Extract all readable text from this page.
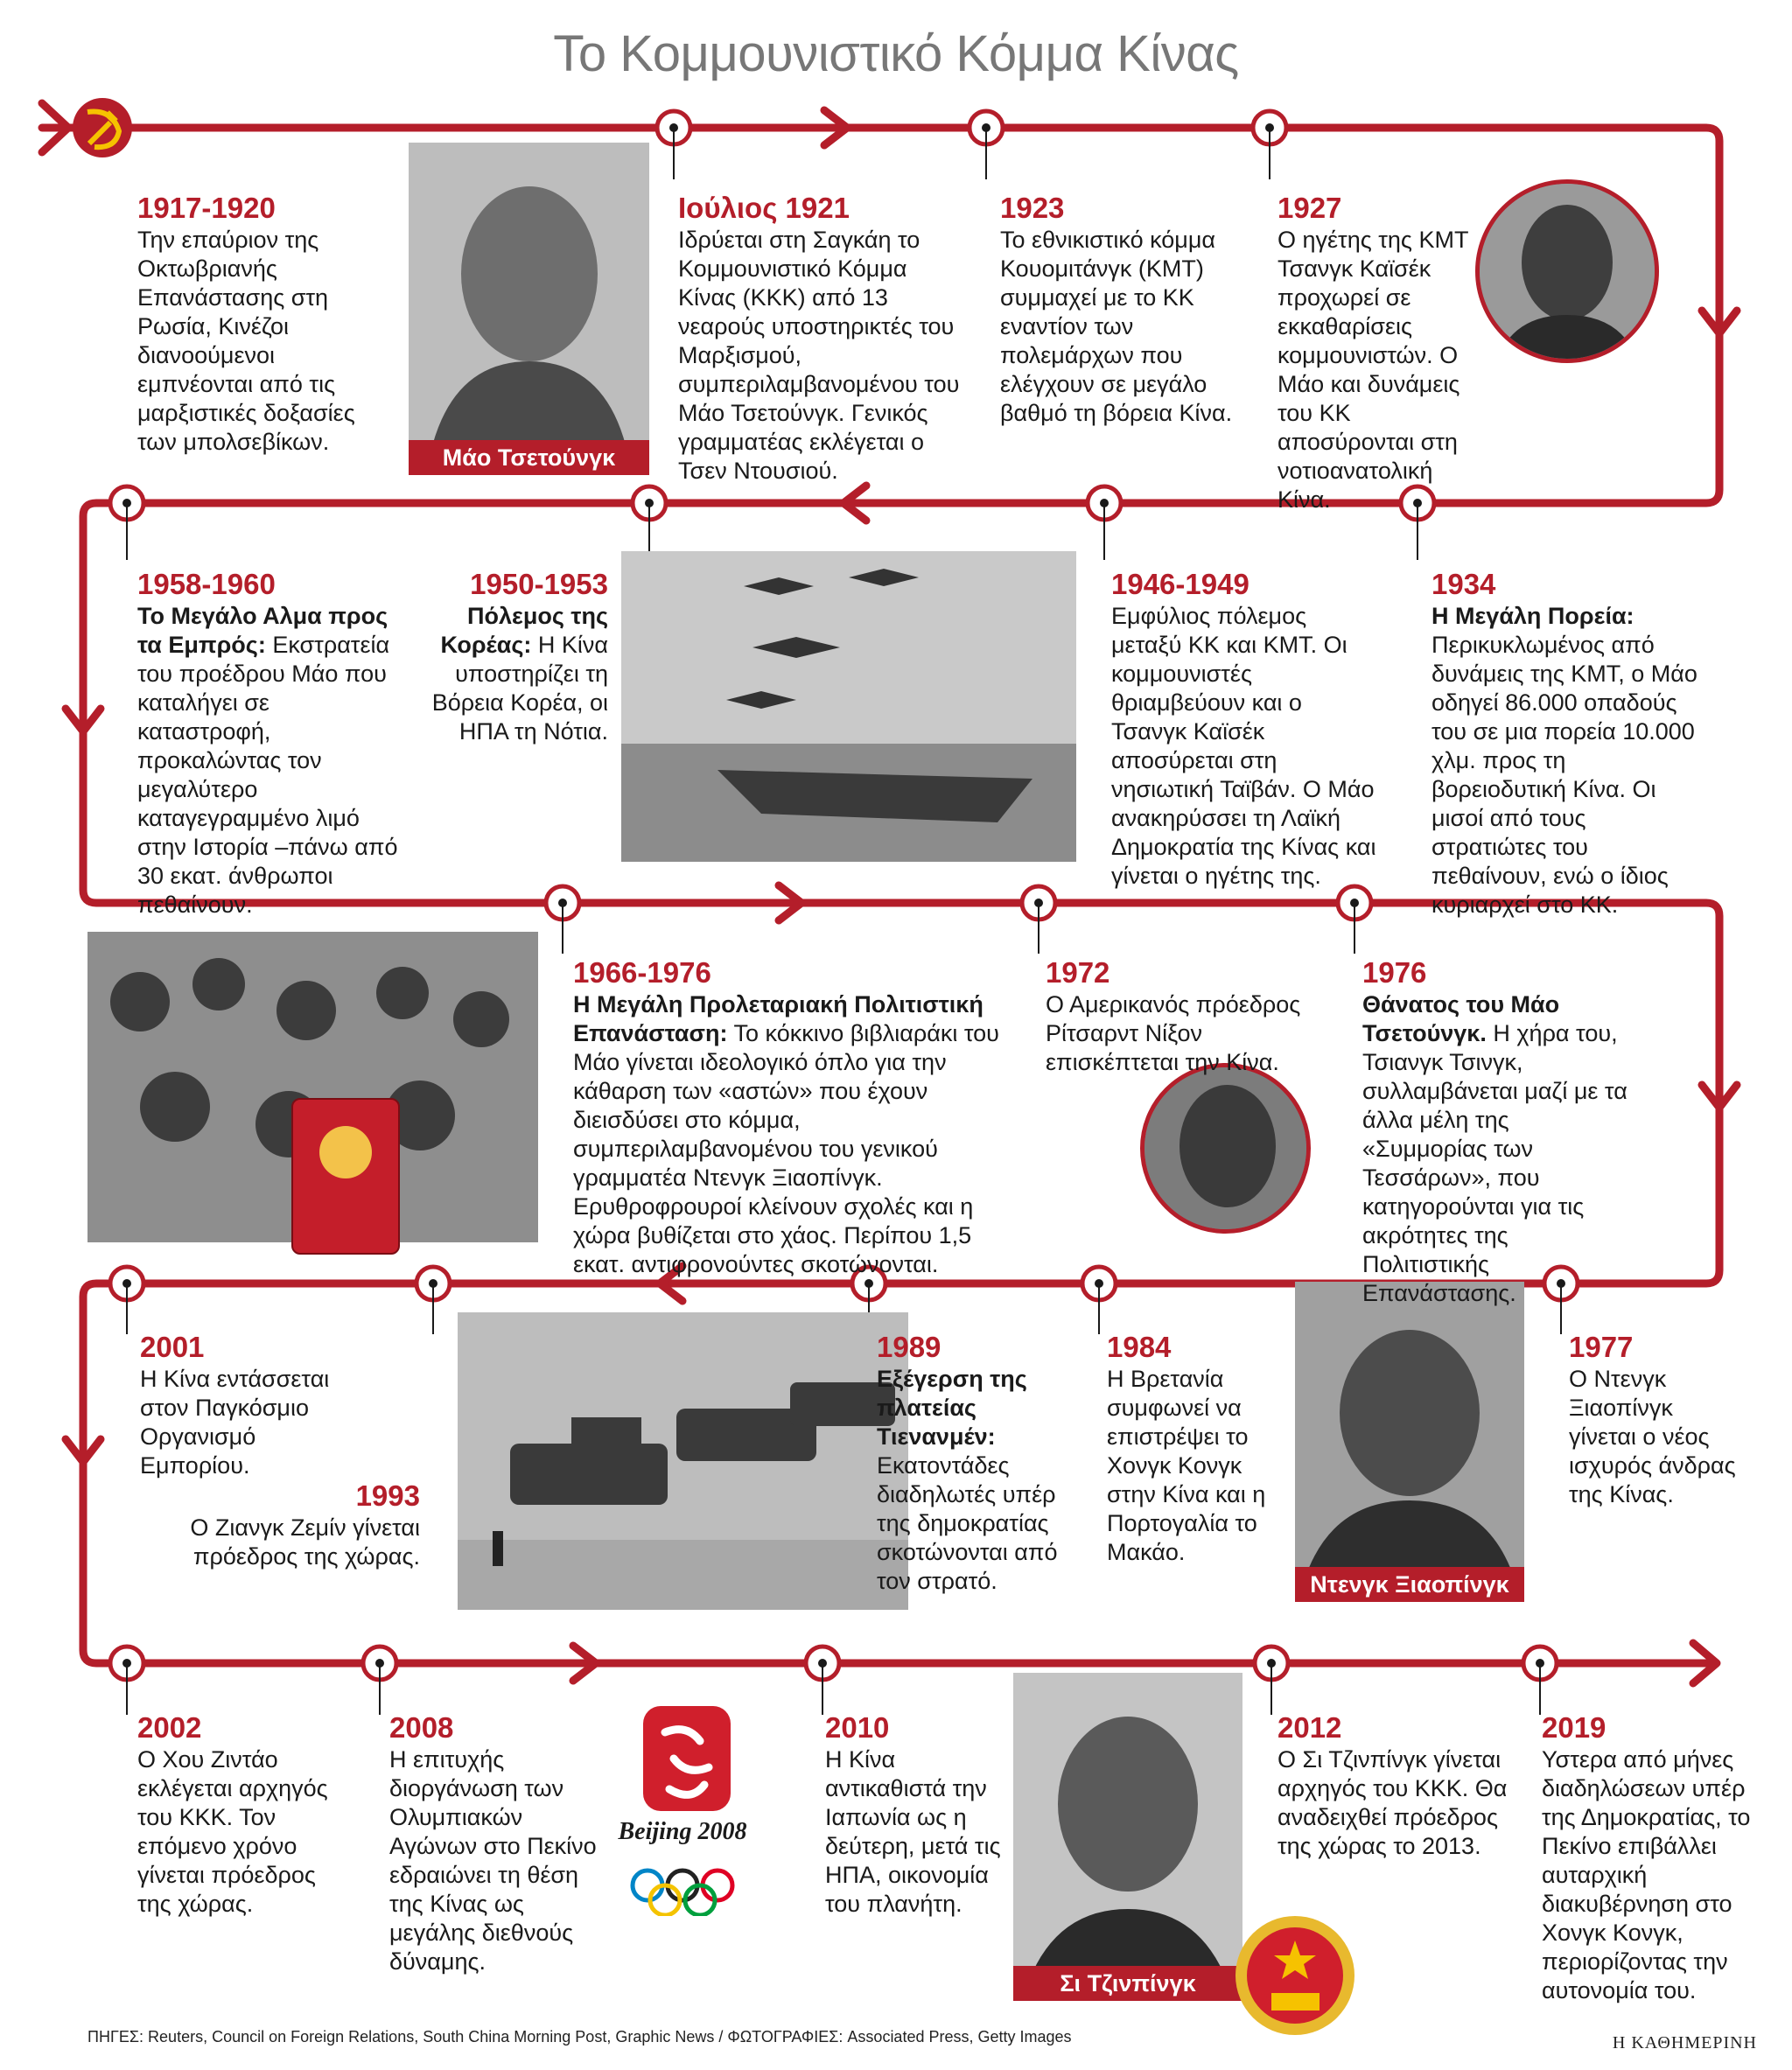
Το Κομμουνιστικό Κόμμα Κίνας
Μάο Τσετούνγκ
Ντενγκ Ξιαοπίνγκ
Beijing 2008
Σι Τζινπίνγκ
1917-1920
Την επαύριον της Οκτωβριανής Επανάστασης στη Ρωσία, Κινέζοι διανοούμενοι εμπνέονται από τις μαρξιστικές δοξασίες των μπολσεβίκων.
Ιούλιος 1921
Ιδρύεται στη Σαγκάη το Κομμουνιστικό Κόμμα Κίνας (ΚΚΚ) από 13 νεαρούς υποστηρικτές του Μαρξισμού, συμπεριλαμβανομένου του Μάο Τσετούνγκ. Γενικός γραμματέας εκλέγεται ο Τσεν Ντουσιού.
1923
Το εθνικιστικό κόμμα Κουομιτάνγκ (ΚΜΤ) συμμαχεί με το ΚΚ εναντίον των πολεμάρχων που ελέγχουν σε μεγάλο βαθμό τη βόρεια Κίνα.
1927
Ο ηγέτης της ΚΜΤ Τσανγκ Καϊσέκ προχωρεί σε εκκαθαρίσεις κομμουνιστών. Ο Μάο και δυνάμεις του ΚΚ αποσύρονται στη νοτιοανατολική Κίνα.
1934
Η Μεγάλη Πορεία: Περικυκλωμένος από δυνάμεις της ΚΜΤ, ο Μάο οδηγεί 86.000 οπαδούς του σε μια πορεία 10.000 χλμ. προς τη βορειοδυτική Κίνα. Οι μισοί από τους στρατιώτες του πεθαίνουν, ενώ ο ίδιος κυριαρχεί στο ΚΚ.
1946-1949
Εμφύλιος πόλεμος μεταξύ ΚΚ και ΚΜΤ. Οι κομμουνιστές θριαμβεύουν και ο Τσανγκ Καϊσέκ αποσύρεται στη νησιωτική Ταϊβάν. Ο Μάο ανακηρύσσει τη Λαϊκή Δημοκρατία της Κίνας και γίνεται ο ηγέτης της.
1950-1953
Πόλεμος της Κορέας: Η Κίνα υποστηρίζει τη Βόρεια Κορέα, οι ΗΠΑ τη Νότια.
1958-1960
Το Μεγάλο Αλμα προς τα Εμπρός: Εκστρατεία του προέδρου Μάο που καταλήγει σε καταστροφή, προκαλώντας τον μεγαλύτερο καταγεγραμμένο λιμό στην Ιστορία –πάνω από 30 εκατ. άνθρωποι πεθαίνουν.
1966-1976
Η Μεγάλη Προλεταριακή Πολιτιστική Επανάσταση: Το κόκκινο βιβλιαράκι του Μάο γίνεται ιδεολογικό όπλο για την κάθαρση των «αστών» που έχουν διεισδύσει στο κόμμα, συμπεριλαμβανομένου του γενικού γραμματέα Ντενγκ Ξιαοπίνγκ. Ερυθροφρουροί κλείνουν σχολές και η χώρα βυθίζεται στο χάος. Περίπου 1,5 εκατ. αντιφρονούντες σκοτώνονται.
1972
Ο Αμερικανός πρόεδρος Ρίτσαρντ Νίξον επισκέπτεται την Κίνα.
1976
Θάνατος του Μάο Τσετούνγκ. Η χήρα του, Τσιανγκ Τσινγκ, συλλαμβάνεται μαζί με τα άλλα μέλη της «Συμμορίας των Τεσσάρων», που κατηγορούνται για τις ακρότητες της Πολιτιστικής Επανάστασης.
1977
Ο Ντενγκ Ξιαοπίνγκ γίνεται ο νέος ισχυρός άνδρας της Κίνας.
1984
Η Βρετανία συμφωνεί να επιστρέψει το Χονγκ Κονγκ στην Κίνα και η Πορτογαλία το Μακάο.
1989
Εξέγερση της πλατείας Τιενανμέν: Εκατοντάδες διαδηλωτές υπέρ της δημοκρατίας σκοτώνονται από τον στρατό.
1993
Ο Ζιανγκ Ζεμίν γίνεται πρόεδρος της χώρας.
2001
Η Κίνα εντάσσεται στον Παγκόσμιο Οργανισμό Εμπορίου.
2002
Ο Χου Ζιντάο εκλέγεται αρχηγός του ΚΚΚ. Τον επόμενο χρόνο γίνεται πρόεδρος της χώρας.
2008
Η επιτυχής διοργάνωση των Ολυμπιακών Αγώνων στο Πεκίνο εδραιώνει τη θέση της Κίνας ως μεγάλης διεθνούς δύναμης.
2010
Η Κίνα αντικαθιστά την Ιαπωνία ως η δεύτερη, μετά τις ΗΠΑ, οικονομία του πλανήτη.
2012
Ο Σι Τζινπίνγκ γίνεται αρχηγός του ΚΚΚ. Θα αναδειχθεί πρόεδρος της χώρας το 2013.
2019
Υστερα από μήνες διαδηλώσεων υπέρ της Δημοκρατίας, το Πεκίνο επιβάλλει αυταρχική διακυβέρνηση στο Χονγκ Κονγκ, περιορίζοντας την αυτονομία του.
ΠΗΓΕΣ: Reuters, Council on Foreign Relations, South China Morning Post, Graphic News / ΦΩΤΟΓΡΑΦΙΕΣ: Associated Press, Getty Images	Η ΚΑΘΗΜΕΡΙΝΗ
